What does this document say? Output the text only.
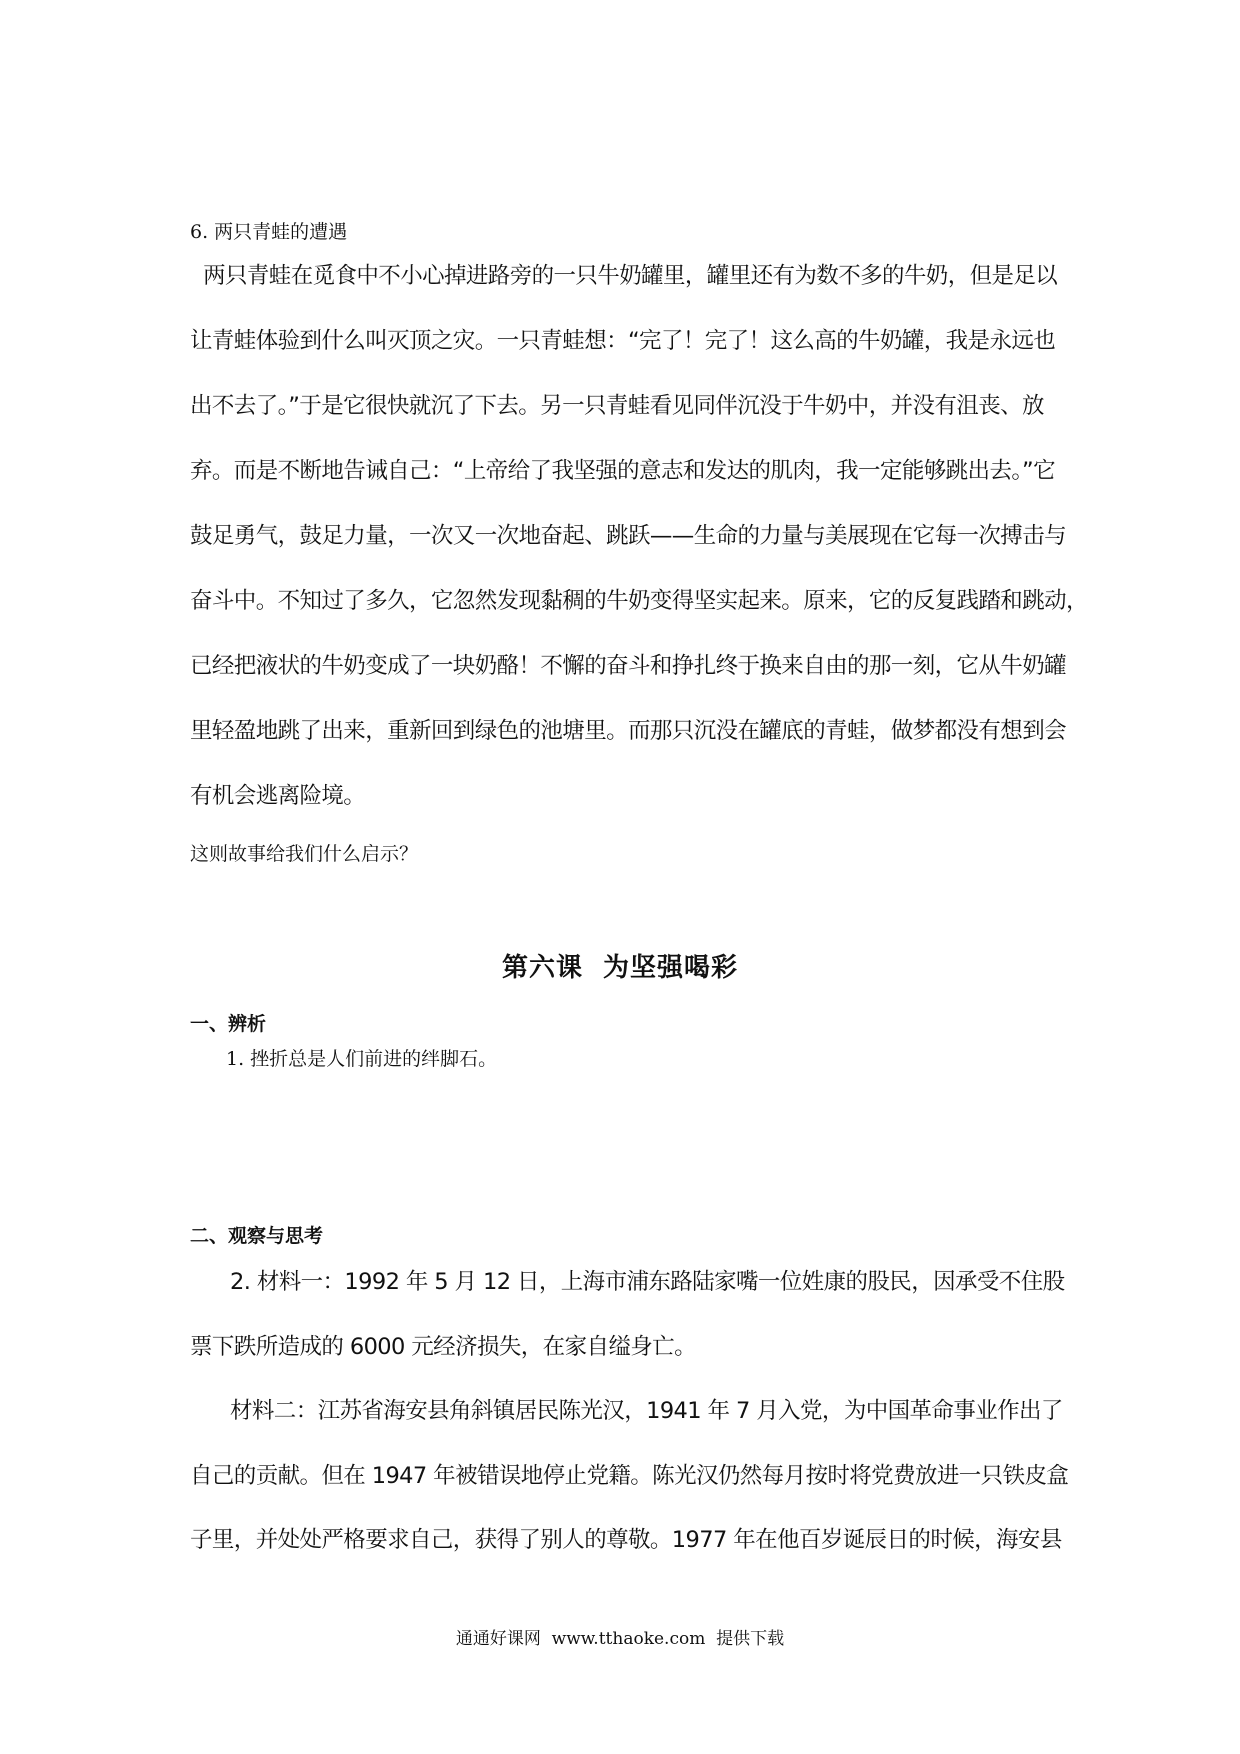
6. 两只青蛙的遭遇
两只青蛙在觅食中不小心掉进路旁的一只牛奶罐里，罐里还有为数不多的牛奶，但是足以
让青蛙体验到什么叫灭顶之灾。一只青蛙想：“完了！完了！这么高的牛奶罐，我是永远也
出不去了。”于是它很快就沉了下去。另一只青蛙看见同伴沉没于牛奶中，并没有沮丧、放
弃。而是不断地告诫自己：“上帝给了我坚强的意志和发达的肌肉，我一定能够跳出去。”它
鼓足勇气，鼓足力量，一次又一次地奋起、跳跃——生命的力量与美展现在它每一次搏击与
奋斗中。不知过了多久，它忽然发现黏稠的牛奶变得坚实起来。原来，它的反复践踏和跳动，
已经把液状的牛奶变成了一块奶酪！不懈的奋斗和挣扎终于换来自由的那一刻，它从牛奶罐
里轻盈地跳了出来，重新回到绿色的池塘里。而那只沉没在罐底的青蛙，做梦都没有想到会
有机会逃离险境。
这则故事给我们什么启示？
第六课  为坚强喝彩
一、辨析
1. 挫折总是人们前进的绊脚石。
二、观察与思考
2. 材料一：1992 年 5 月 12 日，上海市浦东路陆家嘴一位姓康的股民，因承受不住股
票下跌所造成的 6000 元经济损失，在家自缢身亡。
材料二：江苏省海安县角斜镇居民陈光汉，1941 年 7 月入党，为中国革命事业作出了
自己的贡献。但在 1947 年被错误地停止党籍。陈光汉仍然每月按时将党费放进一只铁皮盒
子里，并处处严格要求自己，获得了别人的尊敬。1977 年在他百岁诞辰日的时候，海安县
通通好课网  www.tthaoke.com  提供下载
